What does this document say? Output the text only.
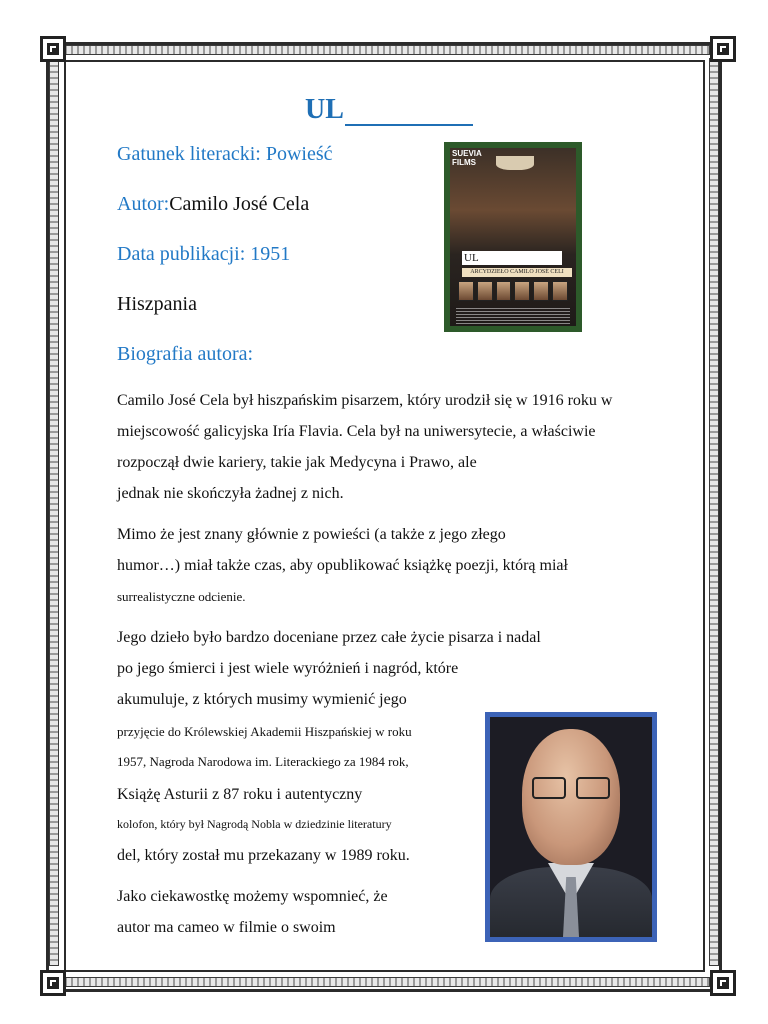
UL
Gatunek literacki: Powieść
Autor:Camilo José Cela
Data publikacji: 1951
Hiszpania
Biografia autora:
SUEVIA FILMS
UL
ARCYDZIEŁO CAMILO JOSÉ CELI
Camilo José Cela był hiszpańskim pisarzem, który urodził się w 1916 roku w
miejscowość galicyjska Iría Flavia. Cela był na uniwersytecie, a właściwie
rozpoczął dwie kariery, takie jak Medycyna i Prawo, ale
jednak nie skończyła żadnej z nich.
Mimo że jest znany głównie z powieści (a także z jego złego
humor…) miał także czas, aby opublikować książkę poezji, którą miał
surrealistyczne odcienie.
Jego dzieło było bardzo doceniane przez całe życie pisarza i nadal
po jego śmierci i jest wiele wyróżnień i nagród, które
akumuluje, z których musimy wymienić jego
przyjęcie do Królewskiej Akademii Hiszpańskiej w roku
1957, Nagroda Narodowa im. Literackiego za 1984 rok,
Książę Asturii z 87 roku i autentyczny
kolofon, który był Nagrodą Nobla w dziedzinie literatury
del, który został mu przekazany w 1989 roku.
Jako ciekawostkę możemy wspomnieć, że
autor ma cameo w filmie o swoim
